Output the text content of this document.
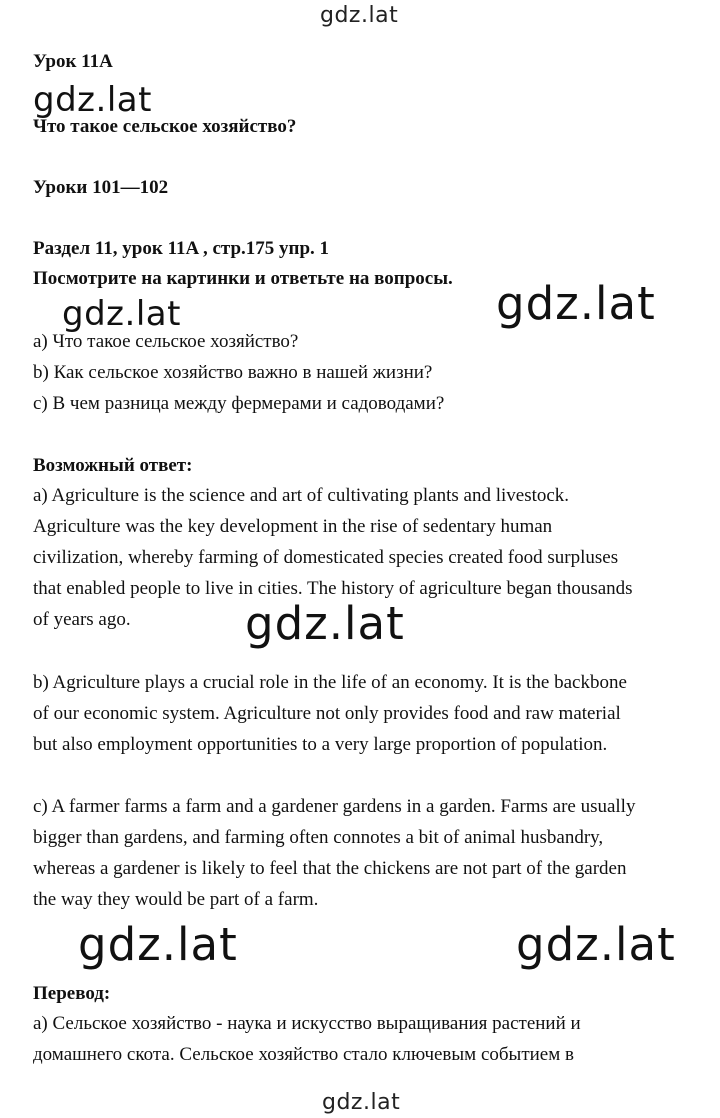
gdz.lat
gdz.lat
gdz.lat	gdz.lat
gdz.lat
gdz.lat	gdz.lat
gdz.lat
Урок 11A
Что такое сельское хозяйство?
Уроки 101—102
Раздел 11, урок 11A , стр.175 упр. 1
Посмотрите на картинки и ответьте на вопросы.
a) Что такое сельское хозяйство?
b) Как сельское хозяйство важно в нашей жизни?
c) В чем разница между фермерами и садоводами?
Возможный ответ:
a) Agriculture is the science and art of cultivating plants and livestock.
Agriculture was the key development in the rise of sedentary human
civilization, whereby farming of domesticated species created food surpluses
that enabled people to live in cities. The history of agriculture began thousands
of years ago.
b) Agriculture plays a crucial role in the life of an economy. It is the backbone
of our economic system. Agriculture not only provides food and raw material
but also employment opportunities to a very large proportion of population.
c) A farmer farms a farm and a gardener gardens in a garden. Farms are usually
bigger than gardens, and farming often connotes a bit of animal husbandry,
whereas a gardener is likely to feel that the chickens are not part of the garden
the way they would be part of a farm.
Перевод:
a) Сельское хозяйство - наука и искусство выращивания растений и
домашнего скота. Сельское хозяйство стало ключевым событием в
